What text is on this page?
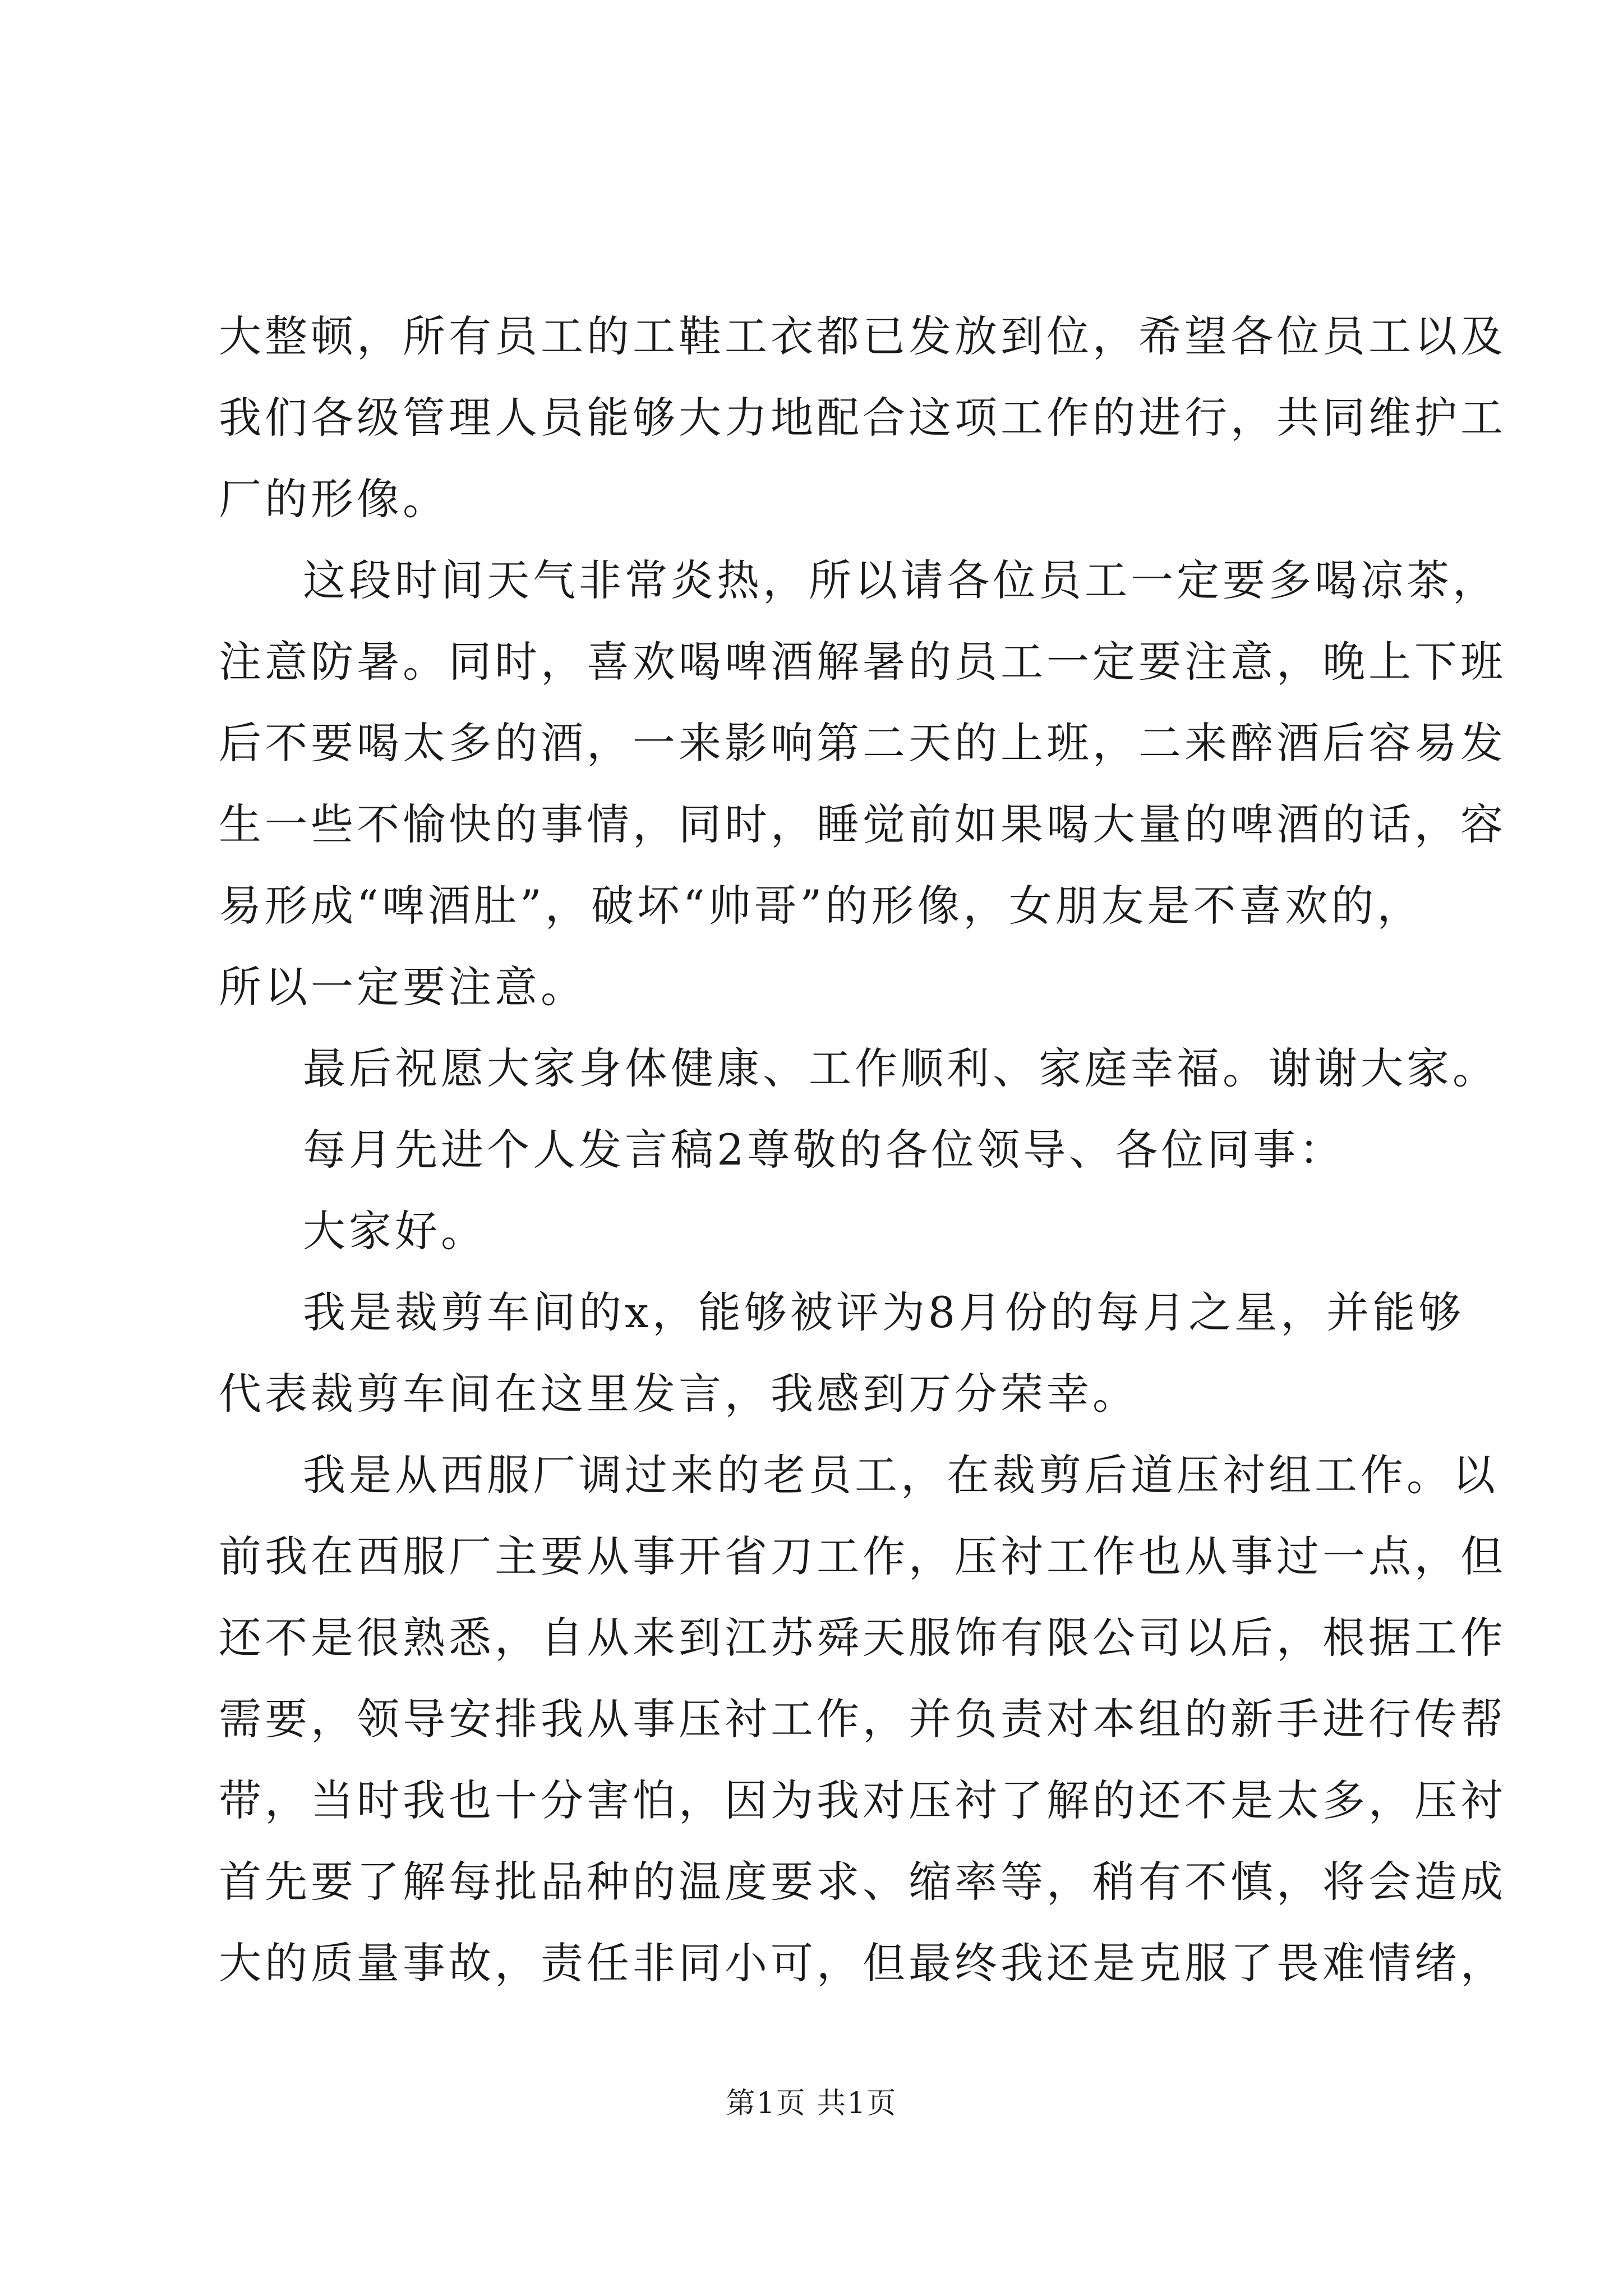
大整顿，所有员工的工鞋工衣都已发放到位，希望各位员工以及
我们各级管理人员能够大力地配合这项工作的进行，共同维护工
厂的形像。
这段时间天气非常炎热，所以请各位员工一定要多喝凉茶，
注意防暑。同时，喜欢喝啤酒解暑的员工一定要注意，晚上下班
后不要喝太多的酒，一来影响第二天的上班，二来醉酒后容易发
生一些不愉快的事情，同时，睡觉前如果喝大量的啤酒的话，容
易形成“啤酒肚”，破坏“帅哥”的形像，女朋友是不喜欢的，
所以一定要注意。
最后祝愿大家身体健康、工作顺利、家庭幸福。谢谢大家。
每月先进个人发言稿2尊敬的各位领导、各位同事：
大家好。
我是裁剪车间的x，能够被评为8月份的每月之星，并能够
代表裁剪车间在这里发言，我感到万分荣幸。
我是从西服厂调过来的老员工，在裁剪后道压衬组工作。以
前我在西服厂主要从事开省刀工作，压衬工作也从事过一点，但
还不是很熟悉，自从来到江苏舜天服饰有限公司以后，根据工作
需要，领导安排我从事压衬工作，并负责对本组的新手进行传帮
带，当时我也十分害怕，因为我对压衬了解的还不是太多，压衬
首先要了解每批品种的温度要求、缩率等，稍有不慎，将会造成
大的质量事故，责任非同小可，但最终我还是克服了畏难情绪，
第1页 共1页
